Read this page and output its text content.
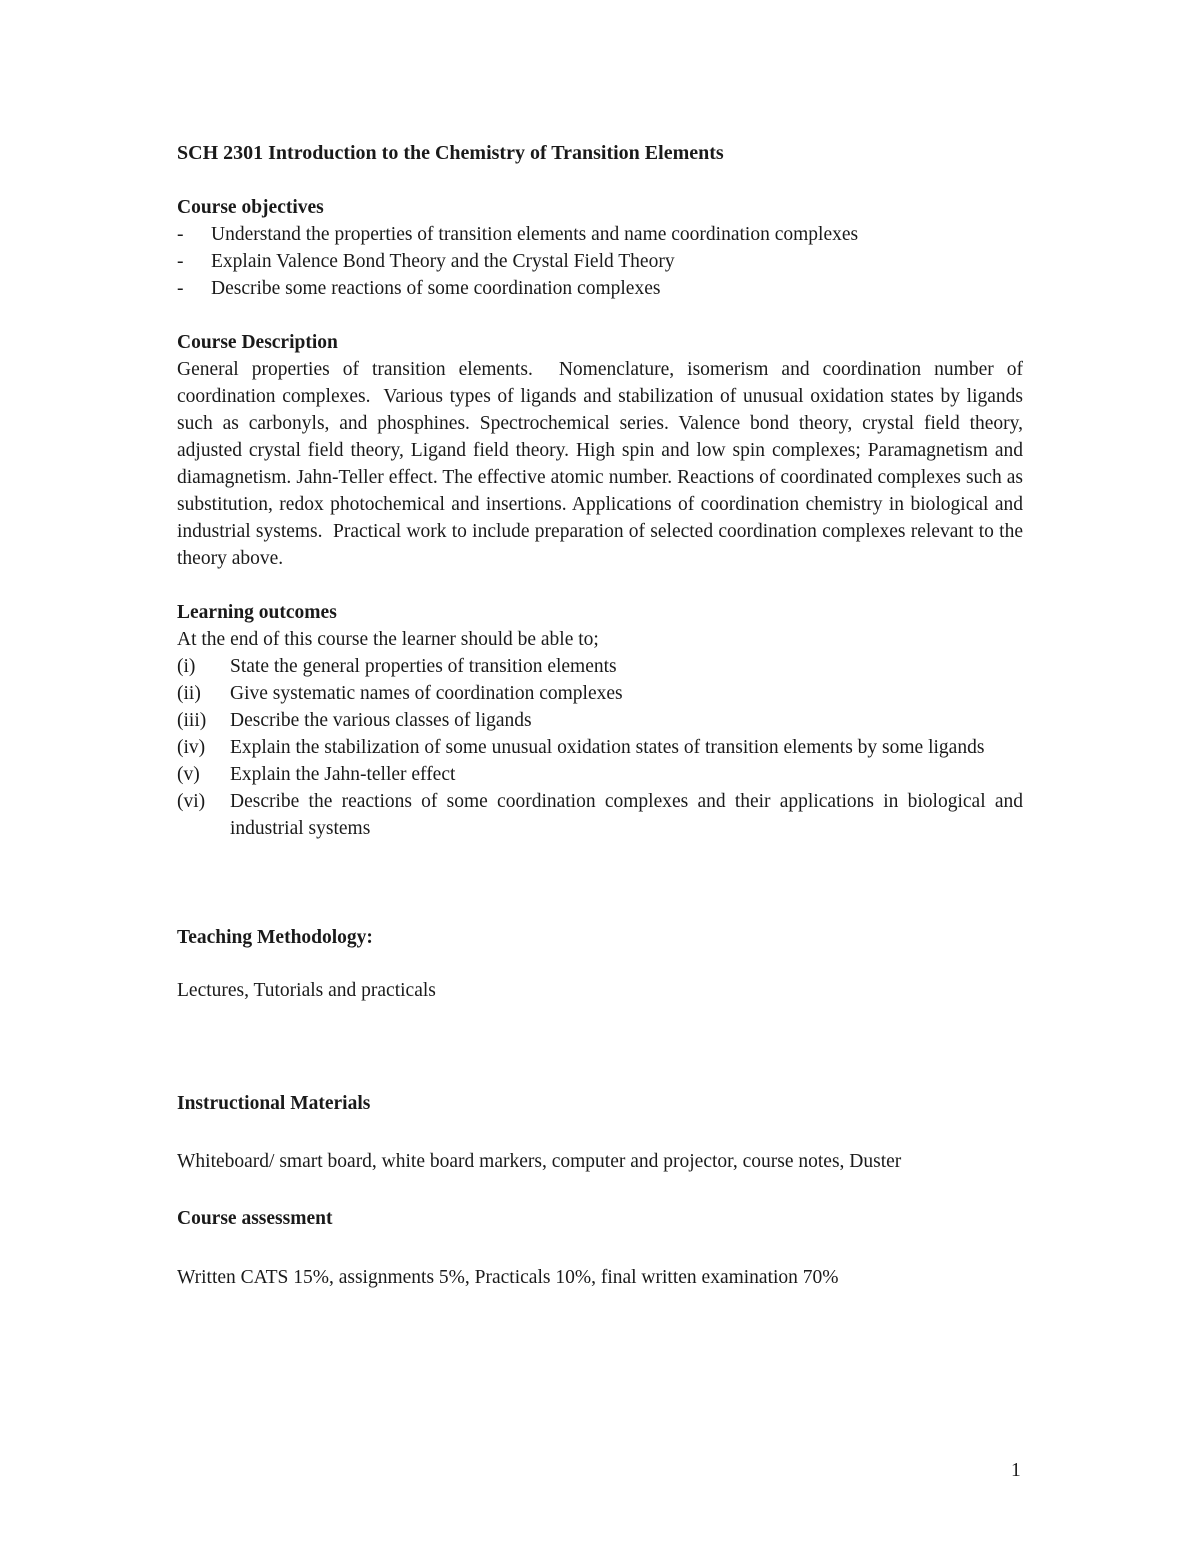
SCH 2301 Introduction to the Chemistry of Transition Elements

Course objectives

-	Understand the properties of transition elements and name coordination complexes
-	Explain Valence Bond Theory and the Crystal Field Theory
-	Describe some reactions of some coordination complexes

Course Description

General properties of transition elements.  Nomenclature, isomerism and coordination number of coordination complexes.  Various types of ligands and stabilization of unusual oxidation states by ligands such as carbonyls, and phosphines. Spectrochemical series. Valence bond theory, crystal field theory,    adjusted crystal field theory, Ligand field theory. High spin and low spin complexes; Paramagnetism and diamagnetism. Jahn-Teller effect. The effective atomic number. Reactions of coordinated complexes such as substitution, redox photochemical and insertions. Applications of coordination chemistry in biological and industrial systems.  Practical work to include preparation of selected coordination complexes relevant to the theory above.

Learning outcomes

At the end of this course the learner should be able to;

(i)	State the general properties of transition elements
(ii)	Give systematic names of coordination complexes
(iii)	Describe the various classes of ligands
(iv)	Explain the stabilization of some unusual oxidation states of transition elements by some ligands
(v)	Explain the Jahn-teller effect
(vi)	Describe the reactions of some coordination complexes and their applications in biological and industrial systems

Teaching Methodology:

Lectures, Tutorials and practicals

Instructional Materials

Whiteboard/ smart board, white board markers, computer and projector, course notes, Duster

Course assessment

Written CATS 15%, assignments 5%, Practicals 10%, final written examination 70%

1
